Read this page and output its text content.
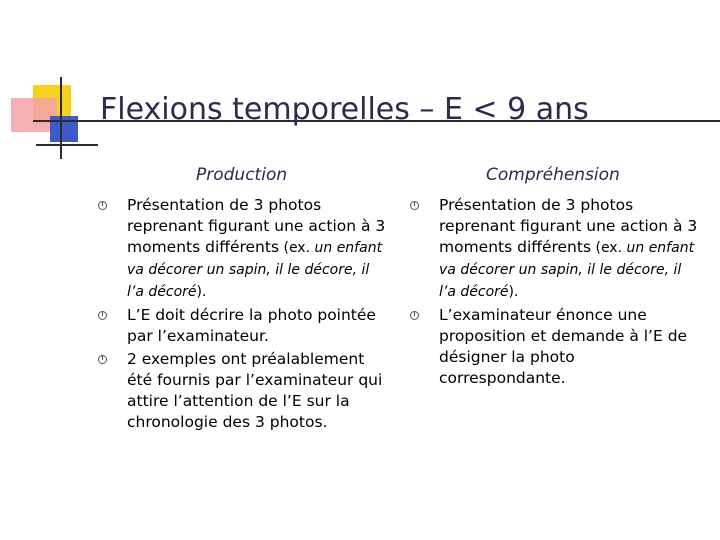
Flexions temporelles – E < 9 ans
Production
Présentation de 3 photos reprenant figurant une action à 3 moments différents (ex. un enfant va décorer un sapin, il le décore, il l’a décoré).
L’E doit décrire la photo pointée par l’examinateur.
2 exemples ont préalablement été fournis par l’examinateur qui attire l’attention de l’E sur la chronologie des 3 photos.
Compréhension
Présentation de 3 photos reprenant figurant une action à 3 moments différents (ex. un enfant va décorer un sapin, il le décore, il l’a décoré).
L’examinateur énonce une proposition et demande à l’E de désigner la photo correspondante.
